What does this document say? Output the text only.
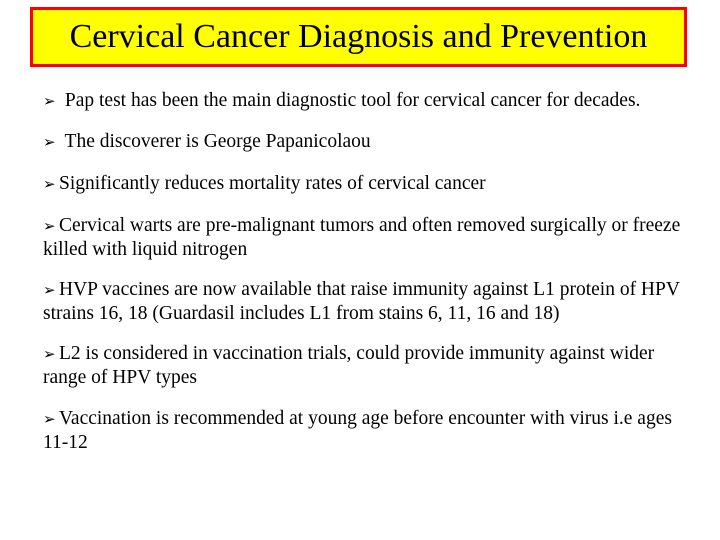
Cervical Cancer Diagnosis and Prevention
➢ Pap test has been the main diagnostic tool for cervical cancer for decades.
➢ The discoverer is George Papanicolaou
➢ Significantly reduces mortality rates of cervical cancer
➢ Cervical warts are pre-malignant tumors and often removed surgically or freeze killed with liquid nitrogen
➢ HVP vaccines are now available that raise immunity against L1 protein of HPV strains 16, 18 (Guardasil includes L1 from stains 6, 11, 16 and 18)
➢ L2 is considered in vaccination trials, could provide immunity against wider range of HPV types
➢ Vaccination is recommended at young age before encounter with virus i.e ages 11-12
